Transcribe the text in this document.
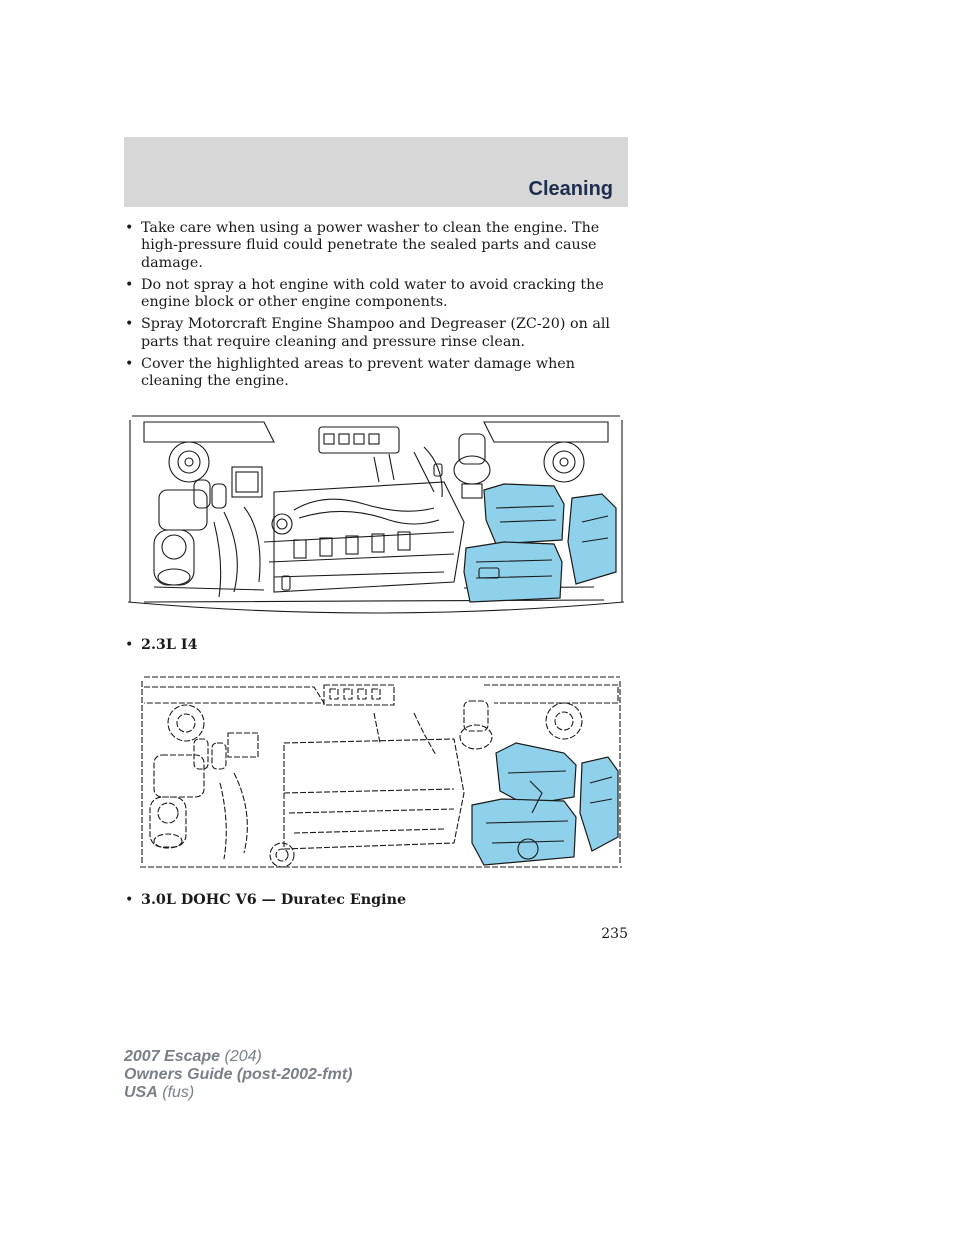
Cleaning
• Take care when using a power washer to clean the engine. The high-pressure fluid could penetrate the sealed parts and cause damage.
• Do not spray a hot engine with cold water to avoid cracking the engine block or other engine components.
• Spray Motorcraft Engine Shampoo and Degreaser (ZC-20) on all parts that require cleaning and pressure rinse clean.
• Cover the highlighted areas to prevent water damage when cleaning the engine.
• 2.3L I4
• 3.0L DOHC V6 — Duratec Engine
235
2007 Escape (204)
Owners Guide (post-2002-fmt)
USA (fus)
